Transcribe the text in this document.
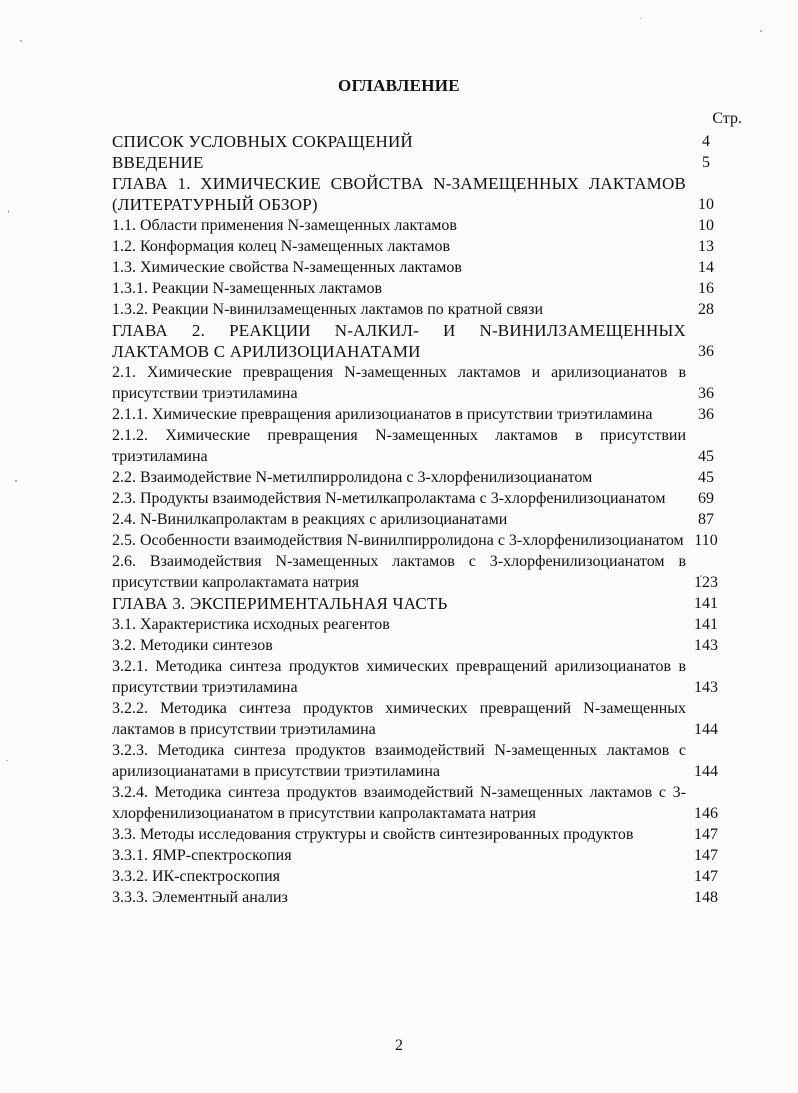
ОГЛАВЛЕНИЕ
Стр.
СПИСОК УСЛОВНЫХ СОКРАЩЕНИЙ	4
ВВЕДЕНИЕ	5
ГЛАВА 1. ХИМИЧЕСКИЕ СВОЙСТВА N-ЗАМЕЩЕННЫХ ЛАКТАМОВ (ЛИТЕРАТУРНЫЙ ОБЗОР)	10
1.1. Области применения N-замещенных лактамов	10
1.2. Конформация колец N-замещенных лактамов	13
1.3. Химические свойства N-замещенных лактамов	14
1.3.1. Реакции N-замещенных лактамов	16
1.3.2. Реакции N-винилзамещенных лактамов по кратной связи	28
ГЛАВА 2. РЕАКЦИИ N-АЛКИЛ- И N-ВИНИЛЗАМЕЩЕННЫХ ЛАКТАМОВ С АРИЛИЗОЦИАНАТАМИ	36
2.1. Химические превращения N-замещенных лактамов и арилизоцианатов в присутствии триэтиламина	36
2.1.1. Химические превращения арилизоцианатов в присутствии триэтиламина	36
2.1.2. Химические превращения N-замещенных лактамов в присутствии триэтиламина	45
2.2. Взаимодействие N-метилпирролидона с 3-хлорфенилизоцианатом	45
2.3. Продукты взаимодействия N-метилкапролактама с 3-хлорфенилизоцианатом	69
2.4. N-Винилкапролактам в реакциях с арилизоцианатами	87
2.5. Особенности взаимодействия N-винилпирролидона с 3-хлорфенилизоцианатом 110
2.6. Взаимодействия N-замещенных лактамов с 3-хлорфенилизоцианатом в присутствии капролактамата натрия	123
ГЛАВА 3. ЭКСПЕРИМЕНТАЛЬНАЯ ЧАСТЬ	141
3.1. Характеристика исходных реагентов	141
3.2. Методики синтезов	143
3.2.1. Методика синтеза продуктов химических превращений арилизоцианатов в присутствии триэтиламина	143
3.2.2. Методика синтеза продуктов химических превращений N-замещенных лактамов в присутствии триэтиламина	144
3.2.3. Методика синтеза продуктов взаимодействий N-замещенных лактамов с арилизоцианатами в присутствии триэтиламина	144
3.2.4. Методика синтеза продуктов взаимодействий N-замещенных лактамов с 3-хлорфенилизоцианатом в присутствии капролактамата натрия	146
3.3. Методы исследования структуры и свойств синтезированных продуктов	147
3.3.1. ЯМР-спектроскопия	147
3.3.2. ИК-спектроскопия	147
3.3.3. Элементный анализ	148
2
